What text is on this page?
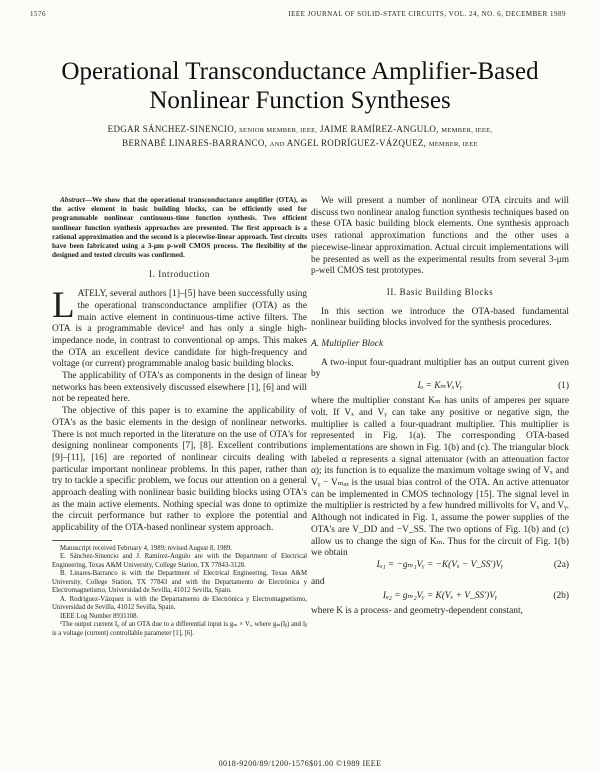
1576	IEEE JOURNAL OF SOLID-STATE CIRCUITS, VOL. 24, NO. 6, DECEMBER 1989
Operational Transconductance Amplifier-Based
Nonlinear Function Syntheses
EDGAR SÁNCHEZ-SINENCIO, SENIOR MEMBER, IEEE, JAIME RAMÍREZ-ANGULO, MEMBER, IEEE,
BERNABÉ LINARES-BARRANCO, AND ANGEL RODRÍGUEZ-VÁZQUEZ, MEMBER, IEEE

Abstract—We show that the operational transconductance amplifier (OTA), as the active element in basic building blocks, can be efficiently used for programmable nonlinear continuous-time function synthesis. Two efficient nonlinear function synthesis approaches are presented. The first approach is a rational approximation and the second is a piecewise-linear approach. Test circuits have been fabricated using a 3-μm p-well CMOS process. The flexibility of the designed and tested circuits was confirmed.

I. Introduction

LATELY, several authors [1]–[5] have been successfully using the operational transconductance amplifier (OTA) as the main active element in continuous-time active filters. The OTA is a programmable device¹ and has only a single high-impedance node, in contrast to conventional op amps. This makes the OTA an excellent device candidate for high-frequency and voltage (or current) programmable analog basic building blocks.

The applicability of OTA's as components in the design of linear networks has been extensively discussed elsewhere [1], [6] and will not be repeated here.

The objective of this paper is to examine the applicability of OTA's as the basic elements in the design of nonlinear networks. There is not much reported in the literature on the use of OTA's for designing nonlinear components [7], [8]. Excellent contributions [9]–[11], [16] are reported of nonlinear circuits dealing with particular important nonlinear problems. In this paper, rather than try to tackle a specific problem, we focus our attention on a general approach dealing with nonlinear basic building blocks using OTA's as the main active elements. Nothing special was done to optimize the circuit performance but rather to explore the potential and applicability of the OTA-based nonlinear system approach.

Manuscript received February 4, 1989; revised August 8, 1989.

E. Sánchez-Sinencio and J. Ramírez-Angulo are with the Department of Electrical Engineering, Texas A&M University, College Station, TX 77843-3128.

B. Linares-Barranco is with the Department of Electrical Engineering, Texas A&M University, College Station, TX 77843 and with the Departamento de Electrónica y Electromagnetismo, Universidad de Sevilla, 41012 Sevilla, Spain.

A. Rodríguez-Vázquez is with the Departamento de Electrónica y Electromagnetismo, Universidad de Sevilla, 41012 Sevilla, Spain.

IEEE Log Number 8931108.

¹The output current I₀ of an OTA due to a differential input is gₘ × Vᵢ, where gₘ(Iᵦ) and Iᵦ is a voltage (current) controllable parameter [1], [6].

We will present a number of nonlinear OTA circuits and will discuss two nonlinear analog function synthesis techniques based on these OTA basic building block elements. One synthesis approach uses rational approximation functions and the other uses a piecewise-linear approximation. Actual circuit implementations will be presented as well as the experimental results from several 3-μm p-well CMOS test prototypes.

II. Basic Building Blocks

In this section we introduce the OTA-based fundamental nonlinear building blocks involved for the synthesis procedures.

A. Multiplier Block

A two-input four-quadrant multiplier has an output current given by

Iₒ = KₘVₓVᵧ	(1)

where the multiplier constant Kₘ has units of amperes per square volt. If Vₓ and Vᵧ can take any positive or negative sign, the multiplier is called a four-quadrant multiplier. This multiplier is represented in Fig. 1(a). The corresponding OTA-based implementations are shown in Fig. 1(b) and (c). The triangular block labeled α represents a signal attenuator (with an attenuation factor α); its function is to equalize the maximum voltage swing of Vₓ and Vᵧ − Vₘₐₓ is the usual bias control of the OTA. An active attenuator can be implemented in CMOS technology [15]. The signal level in the multiplier is restricted by a few hundred millivolts for Vₓ and Vᵧ. Although not indicated in Fig. 1, assume the power supplies of the OTA's are V_DD and −V_SS. The two options of Fig. 1(b) and (c) allow us to change the sign of Kₘ. Thus for the circuit of Fig. 1(b) we obtain

Iₒ₁ = −gₘ₁Vᵧ = −K(Vₓ − V_SS′)Vᵧ	(2a)

and

Iₒ₂ = gₘ₂Vᵧ = K(Vₓ + V_SS′)Vᵧ	(2b)

where K is a process- and geometry-dependent constant,

0018-9200/89/1200-1576$01.00 ©1989 IEEE
